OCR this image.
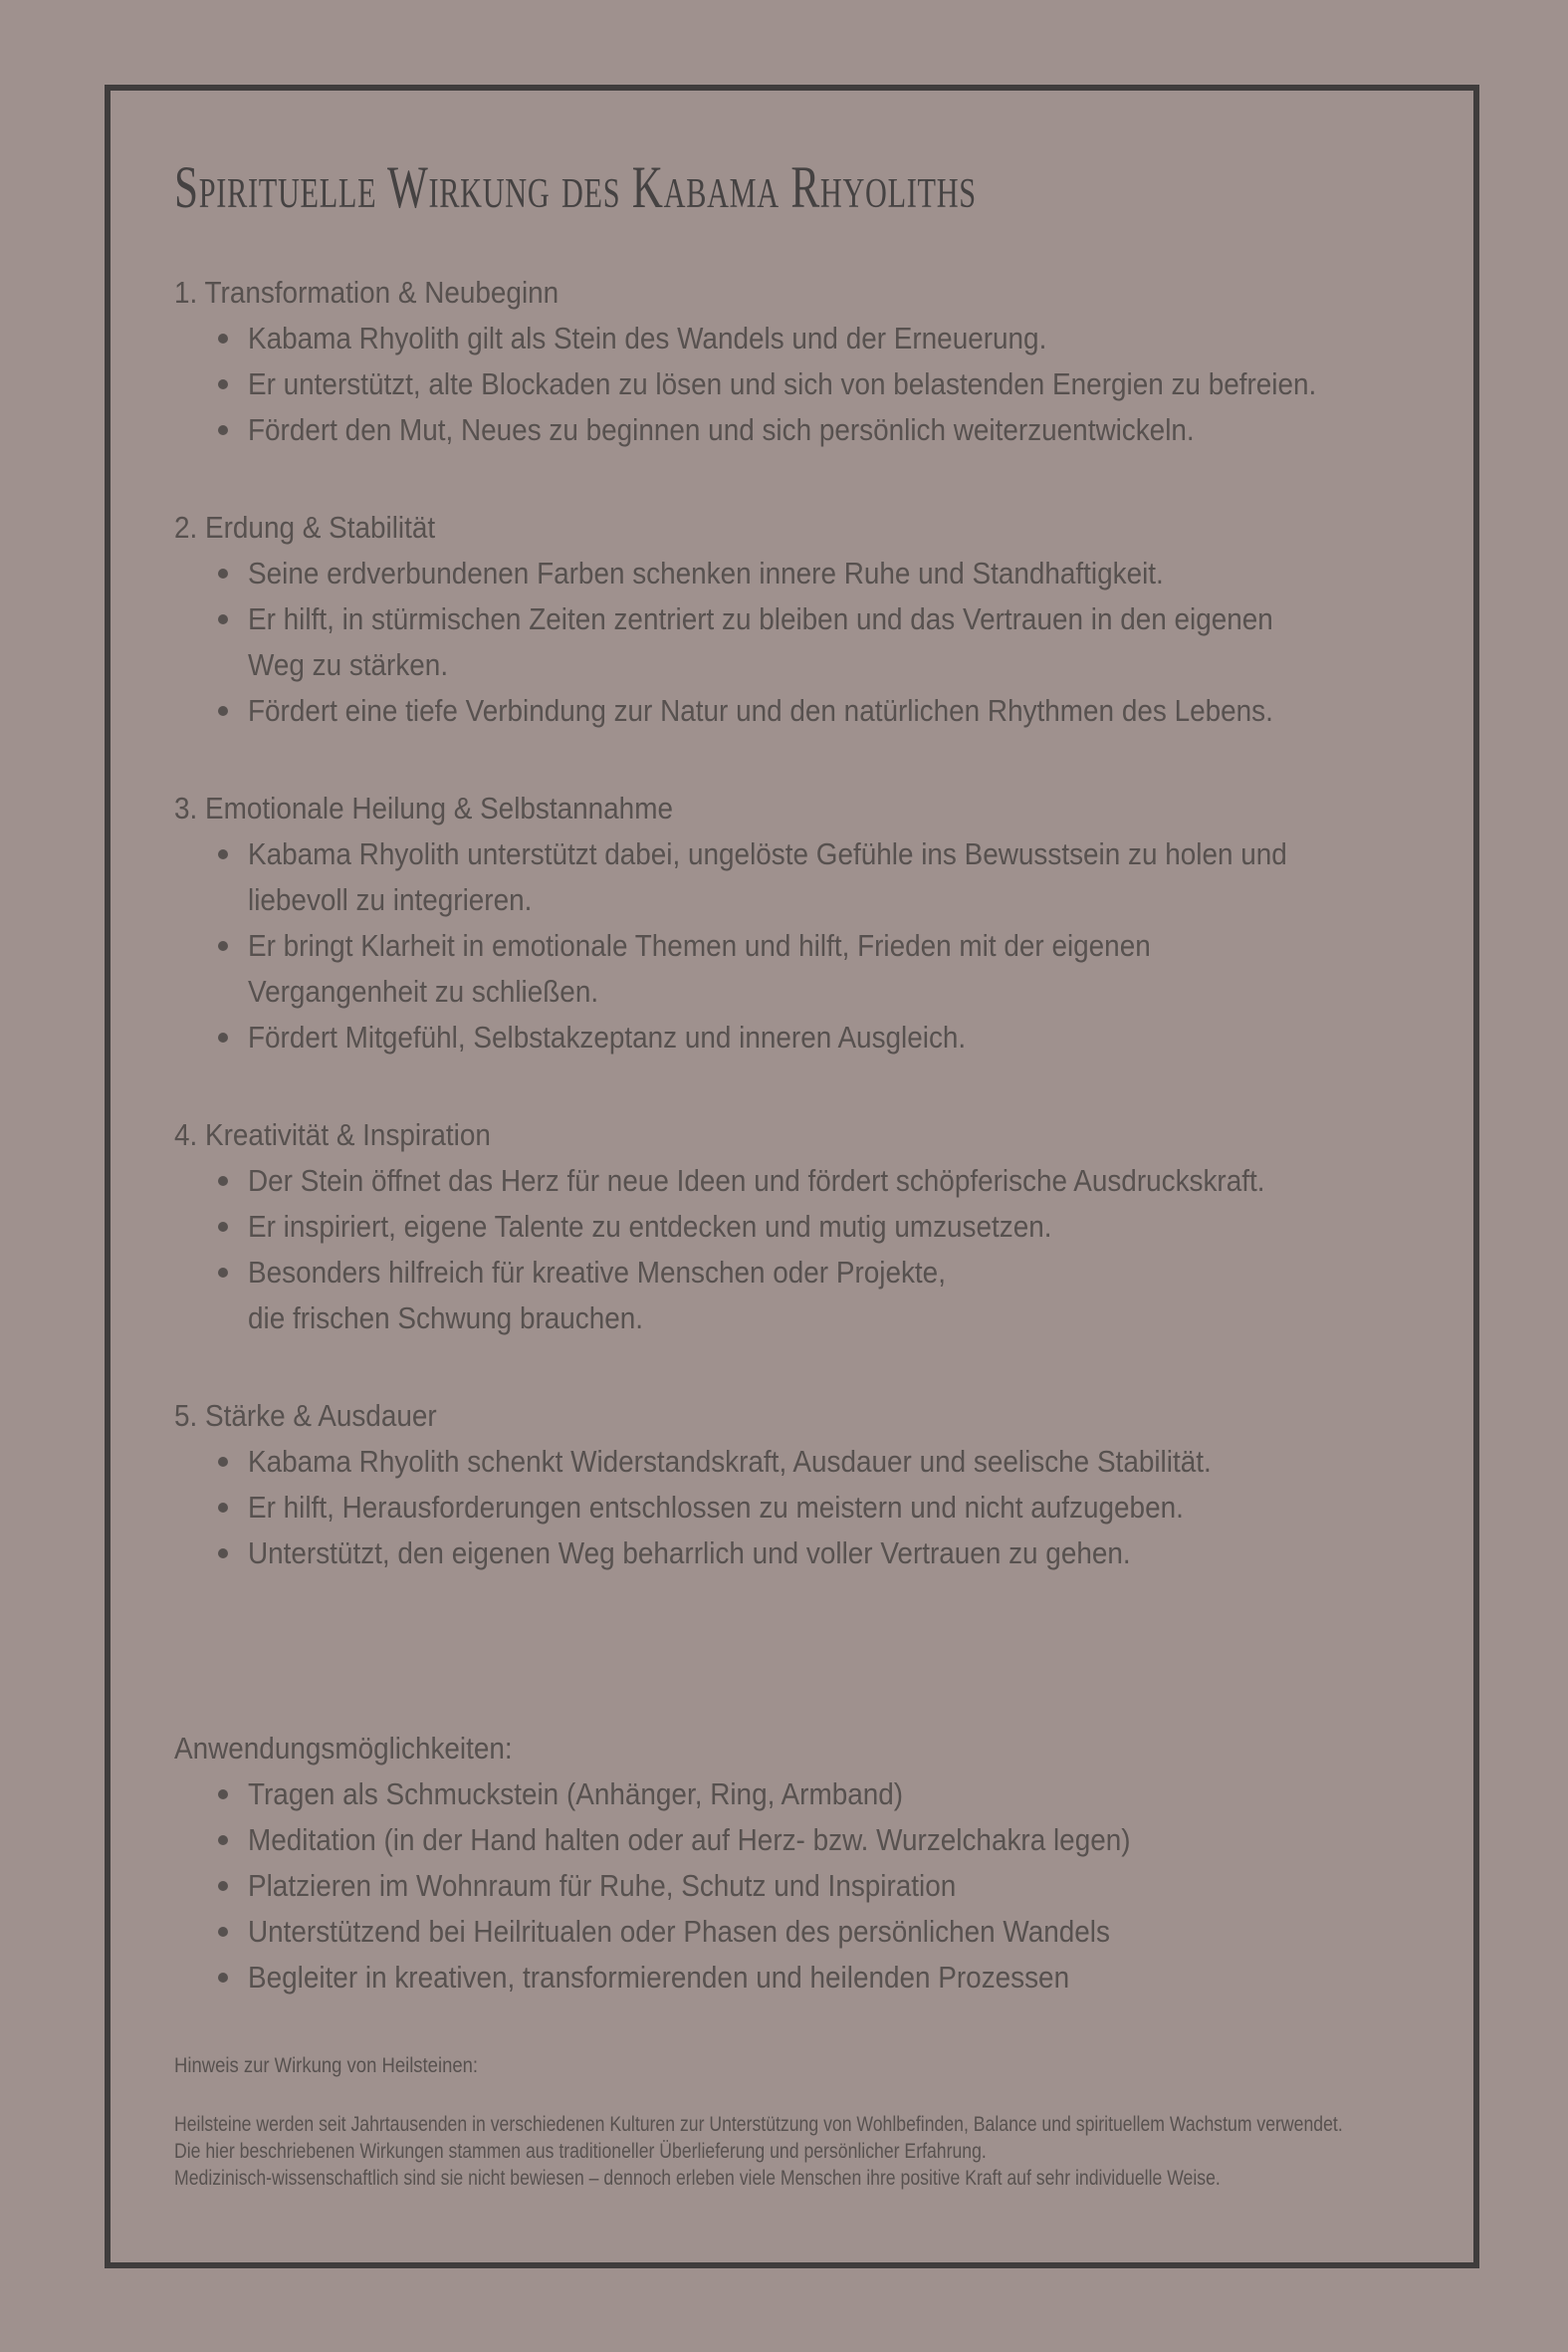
Spirituelle Wirkung des Kabama Rhyoliths
1. Transformation & Neubeginn
Kabama Rhyolith gilt als Stein des Wandels und der Erneuerung.
Er unterstützt, alte Blockaden zu lösen und sich von belastenden Energien zu befreien.
Fördert den Mut, Neues zu beginnen und sich persönlich weiterzuentwickeln.
2. Erdung & Stabilität
Seine erdverbundenen Farben schenken innere Ruhe und Standhaftigkeit.
Er hilft, in stürmischen Zeiten zentriert zu bleiben und das Vertrauen in den eigenen
Weg zu stärken.
Fördert eine tiefe Verbindung zur Natur und den natürlichen Rhythmen des Lebens.
3. Emotionale Heilung & Selbstannahme
Kabama Rhyolith unterstützt dabei, ungelöste Gefühle ins Bewusstsein zu holen und
liebevoll zu integrieren.
Er bringt Klarheit in emotionale Themen und hilft, Frieden mit der eigenen
Vergangenheit zu schließen.
Fördert Mitgefühl, Selbstakzeptanz und inneren Ausgleich.
4. Kreativität & Inspiration
Der Stein öffnet das Herz für neue Ideen und fördert schöpferische Ausdruckskraft.
Er inspiriert, eigene Talente zu entdecken und mutig umzusetzen.
Besonders hilfreich für kreative Menschen oder Projekte,
die frischen Schwung brauchen.
5. Stärke & Ausdauer
Kabama Rhyolith schenkt Widerstandskraft, Ausdauer und seelische Stabilität.
Er hilft, Herausforderungen entschlossen zu meistern und nicht aufzugeben.
Unterstützt, den eigenen Weg beharrlich und voller Vertrauen zu gehen.
Anwendungsmöglichkeiten:
Tragen als Schmuckstein (Anhänger, Ring, Armband)
Meditation (in der Hand halten oder auf Herz- bzw. Wurzelchakra legen)
Platzieren im Wohnraum für Ruhe, Schutz und Inspiration
Unterstützend bei Heilritualen oder Phasen des persönlichen Wandels
Begleiter in kreativen, transformierenden und heilenden Prozessen
Hinweis zur Wirkung von Heilsteinen:
Heilsteine werden seit Jahrtausenden in verschiedenen Kulturen zur Unterstützung von Wohlbefinden, Balance und spirituellem Wachstum verwendet.
Die hier beschriebenen Wirkungen stammen aus traditioneller Überlieferung und persönlicher Erfahrung.
Medizinisch-wissenschaftlich sind sie nicht bewiesen – dennoch erleben viele Menschen ihre positive Kraft auf sehr individuelle Weise.
